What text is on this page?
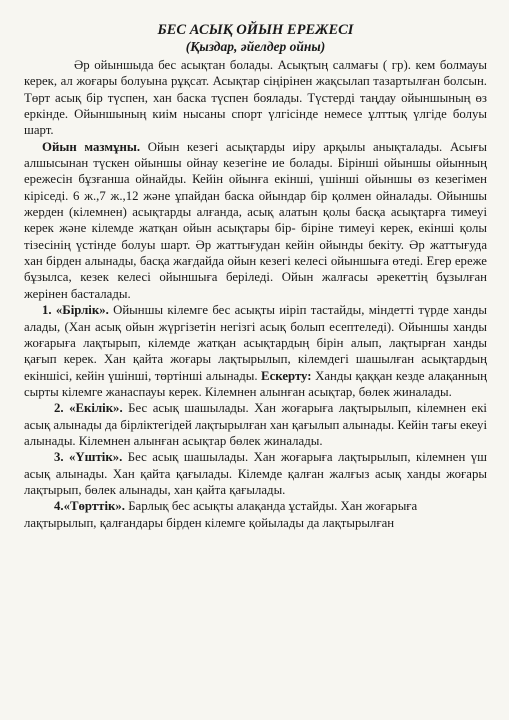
БЕС АСЫҚ ОЙЫН ЕРЕЖЕСІ

(Қыздар, әйелдер ойны)

Әр ойыншыда бес асықтан болады. Асықтың салмағы ( гр). кем болмауы керек, ал жоғары болуына рұқсат. Асықтар сіңірінен жақсылап тазартылған болсын. Төрт асық бір түспен, хан баска түспен боялады. Түстерді таңдау ойыншының өз еркінде. Ойыншының киім нысаны спорт үлгісінде немесе ұлттық үлгіде болуы шарт.

Ойын мазмұны. Ойын кезегі асықтарды иіру арқылы анықталады. Асығы алшысынан түскен ойыншы ойнау кезегіне ие болады. Бірінші ойыншы ойынның ережесін бұзғанша ойнайды. Кейін ойынға екінші, үшінші ойыншы өз кезегімен кіріседі. 6 ж.,7 ж.,12 және ұпайдан баска ойындар бір қолмен ойналады. Ойыншы жерден (кілемнен) асықтарды алғанда, асық алатын қолы басқа асықтарға тимеуі керек және кілемде жатқан ойын асықтары бір- біріне тимеуі керек, екінші қолы тізесінің үстінде болуы шарт. Әр жаттығудан кейін ойынды бекіту. Әр жаттығуда хан бірден алынады, басқа жағдайда ойын кезегі келесі ойыншыға өтеді. Егер ереже бұзылса, кезек келесі ойыншыға беріледі. Ойын жалғасы әрекеттің бұзылған жерінен басталады.

1. «Бірлік». Ойыншы кілемге бес асықты иіріп тастайды, міндетті түрде ханды алады, (Хан асық ойын жүргізетін негізгі асық болып есептеледі). Ойыншы ханды жоғарыға лақтырып, кілемде жатқан асықтардың бірін алып, лақтырған ханды қағып керек. Хан қайта жоғары лақтырылып, кілемдегі шашылған асықтардың екіншісі, кейін үшінші, төртінші алынады. Ескерту: Ханды қаққан кезде алақанның сырты кілемге жанаспауы керек. Кілемнен алынған асықтар, бөлек жиналады.

2. «Екілік». Бес асық шашылады. Хан жоғарыға лақтырылып, кілемнен екі асық алынады да бірліктегідей лақтырылған хан қағылып алынады. Кейін тағы екеуі алынады. Кілемнен алынған асықтар бөлек жиналады.

3. «Үштік». Бес асық шашылады. Хан жоғарыға лақтырылып, кілемнен үш асық алынады. Хан қайта қағылады. Кілемде қалған жалғыз асық ханды жоғары лақтырып, бөлек алынады, хан қайта қағылады.

4.«Төрттік». Барлық бес асықты алақанда ұстайды. Хан жоғарыға лақтырылып, қалғандары бірден кілемге қойылады да лақтырылған
